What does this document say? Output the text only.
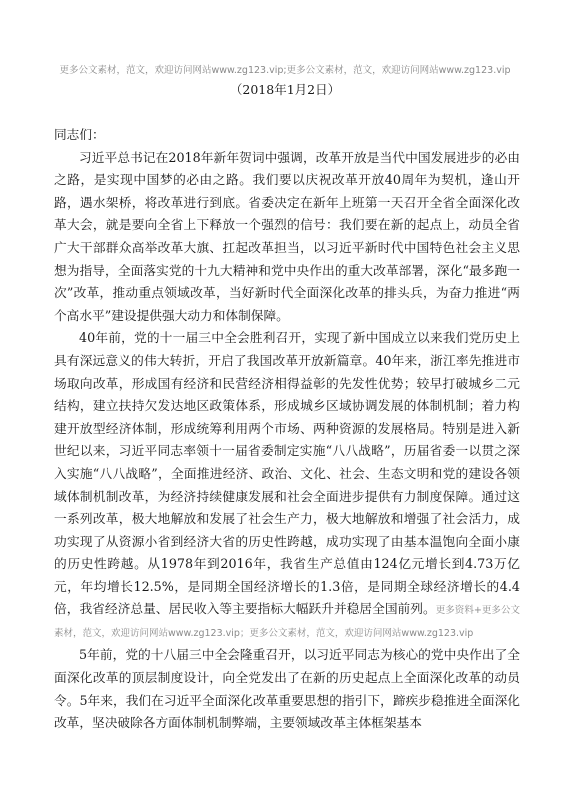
更多公文素材，范文，欢迎访问网站www.zg123.vip;更多公文素材，范文，欢迎访问网站www.zg123.vip
（2018年1月2日）

同志们：

习近平总书记在2018年新年贺词中强调，改革开放是当代中国发展进步的必由之路，是实现中国梦的必由之路。我们要以庆祝改革开放40周年为契机，逢山开路，遇水架桥，将改革进行到底。省委决定在新年上班第一天召开全省全面深化改革大会，就是要向全省上下释放一个强烈的信号：我们要在新的起点上，动员全省广大干部群众高举改革大旗、扛起改革担当，以习近平新时代中国特色社会主义思想为指导，全面落实党的十九大精神和党中央作出的重大改革部署，深化“最多跑一次”改革，推动重点领域改革，当好新时代全面深化改革的排头兵，为奋力推进“两个高水平”建设提供强大动力和体制保障。

40年前，党的十一届三中全会胜利召开，实现了新中国成立以来我们党历史上具有深远意义的伟大转折，开启了我国改革开放新篇章。40年来，浙江率先推进市场取向改革，形成国有经济和民营经济相得益彰的先发性优势；较早打破城乡二元结构，建立扶持欠发达地区政策体系，形成城乡区域协调发展的体制机制；着力构建开放型经济体制，形成统筹利用两个市场、两种资源的发展格局。特别是进入新世纪以来，习近平同志率领十一届省委制定实施“八八战略”，历届省委一以贯之深入实施“八八战略”，全面推进经济、政治、文化、社会、生态文明和党的建设各领域体制机制改革，为经济持续健康发展和社会全面进步提供有力制度保障。通过这一系列改革，极大地解放和发展了社会生产力，极大地解放和增强了社会活力，成功实现了从资源小省到经济大省的历史性跨越，成功实现了由基本温饱向全面小康的历史性跨越。从1978年到2016年，我省生产总值由124亿元增长到4.73万亿元，年均增长12.5%，是同期全国经济增长的1.3倍，是同期全球经济增长的4.4倍，我省经济总量、居民收入等主要指标大幅跃升并稳居全国前列。更多资料+更多公文素材，范文，欢迎访问网站www.zg123.vip；更多公文素材，范文，欢迎访问网站www.zg123.vip

5年前，党的十八届三中全会隆重召开，以习近平同志为核心的党中央作出了全面深化改革的顶层制度设计，向全党发出了在新的历史起点上全面深化改革的动员令。5年来，我们在习近平全面深化改革重要思想的指引下，蹄疾步稳推进全面深化改革，坚决破除各方面体制机制弊端，主要领域改革主体框架基本
